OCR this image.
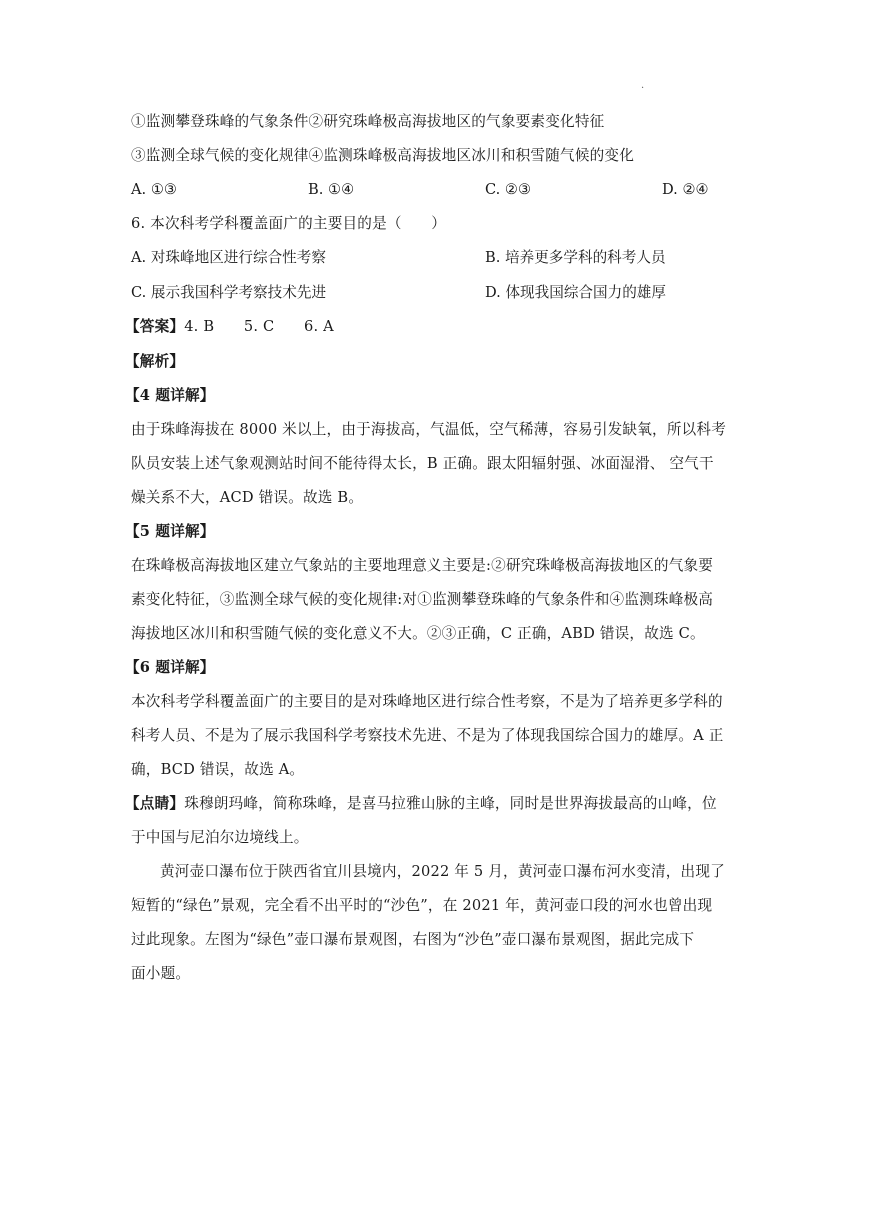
·
①监测攀登珠峰的气象条件②研究珠峰极高海拔地区的气象要素变化特征
③监测全球气候的变化规律④监测珠峰极高海拔地区冰川和积雪随气候的变化
A. ①③	B. ①④	C. ②③	D. ②④
6. 本次科考学科覆盖面广的主要目的是（　　）
A. 对珠峰地区进行综合性考察	B. 培养更多学科的科考人员
C. 展示我国科学考察技术先进	D. 体现我国综合国力的雄厚
【答案】4. B　　5. C　　6. A
【解析】
【4 题详解】
由于珠峰海拔在 8000 米以上，由于海拔高，气温低，空气稀薄，容易引发缺氧，所以科考
队员安装上述气象观测站时间不能待得太长，B 正确。跟太阳辐射强、冰面湿滑、 空气干
燥关系不大，ACD 错误。故选 B。
【5 题详解】
在珠峰极高海拔地区建立气象站的主要地理意义主要是:②研究珠峰极高海拔地区的气象要
素变化特征，③监测全球气候的变化规律:对①监测攀登珠峰的气象条件和④监测珠峰极高
海拔地区冰川和积雪随气候的变化意义不大。②③正确，C 正确，ABD 错误，故选 C。
【6 题详解】
本次科考学科覆盖面广的主要目的是对珠峰地区进行综合性考察，不是为了培养更多学科的
科考人员、不是为了展示我国科学考察技术先进、不是为了体现我国综合国力的雄厚。A 正
确，BCD 错误，故选 A。
【点睛】珠穆朗玛峰，简称珠峰，是喜马拉雅山脉的主峰，同时是世界海拔最高的山峰，位
于中国与尼泊尔边境线上。
黄河壶口瀑布位于陕西省宜川县境内，2022 年 5 月，黄河壶口瀑布河水变清，出现了
短暂的“绿色”景观，完全看不出平时的“沙色”，在 2021 年，黄河壶口段的河水也曾出现
过此现象。左图为“绿色”壶口瀑布景观图，右图为“沙色”壶口瀑布景观图，据此完成下
面小题。
